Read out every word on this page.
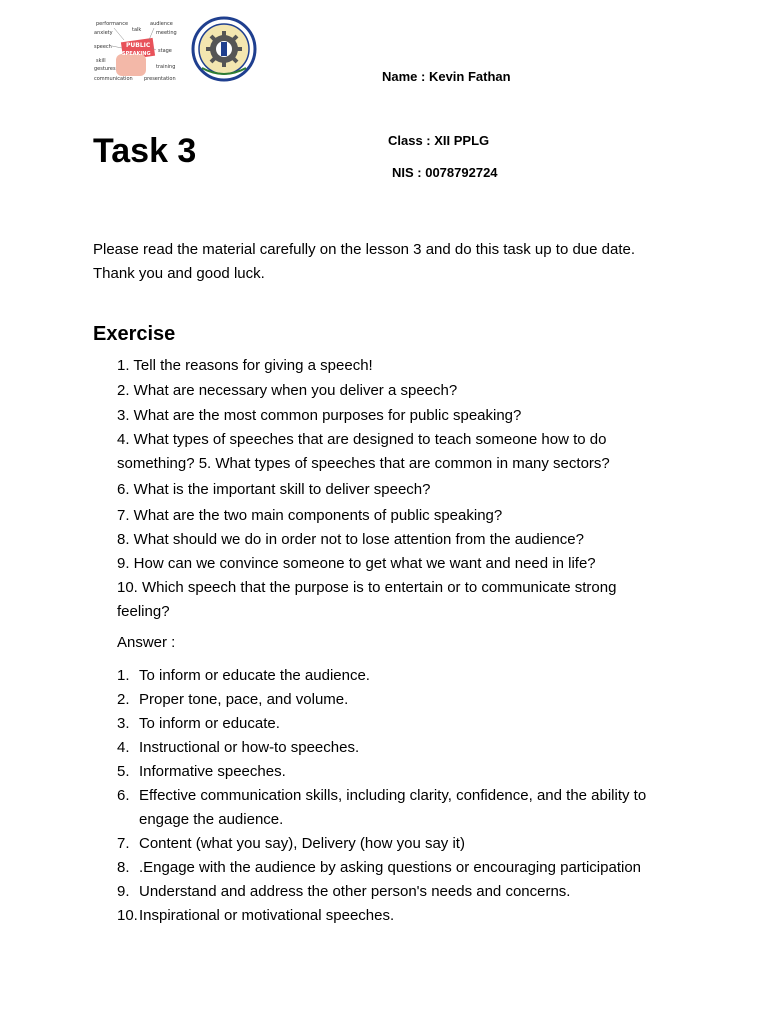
performance	audience
anxiety	talk	meeting
speech PUBLIC
SPEAKING stage
skill
gestures	training
communication presentation	Name : Kevin Fathan
Task 3	Class : XII PPLG
NIS : 0078792724
Please read the material carefully on the lesson 3 and do this task up to due date.
Thank you and good luck.
Exercise
1. Tell the reasons for giving a speech!
2. What are necessary when you deliver a speech?
3. What are the most common purposes for public speaking?
4. What types of speeches that are designed to teach someone how to do
something? 5. What types of speeches that are common in many sectors?
6. What is the important skill to deliver speech?
7. What are the two main components of public speaking?
8. What should we do in order not to lose attention from the audience?
9. How can we convince someone to get what we want and need in life?
10. Which speech that the purpose is to entertain or to communicate strong
feeling?
Answer :
1. To inform or educate the audience.
2. Proper tone, pace, and volume.
3. To inform or educate.
4. Instructional or how-to speeches.
5. Informative speeches.
6. Effective communication skills, including clarity, confidence, and the ability to engage the audience.
7. Content (what you say), Delivery (how you say it)
8. .Engage with the audience by asking questions or encouraging participation
9. Understand and address the other person's needs and concerns.
10. Inspirational or motivational speeches.
